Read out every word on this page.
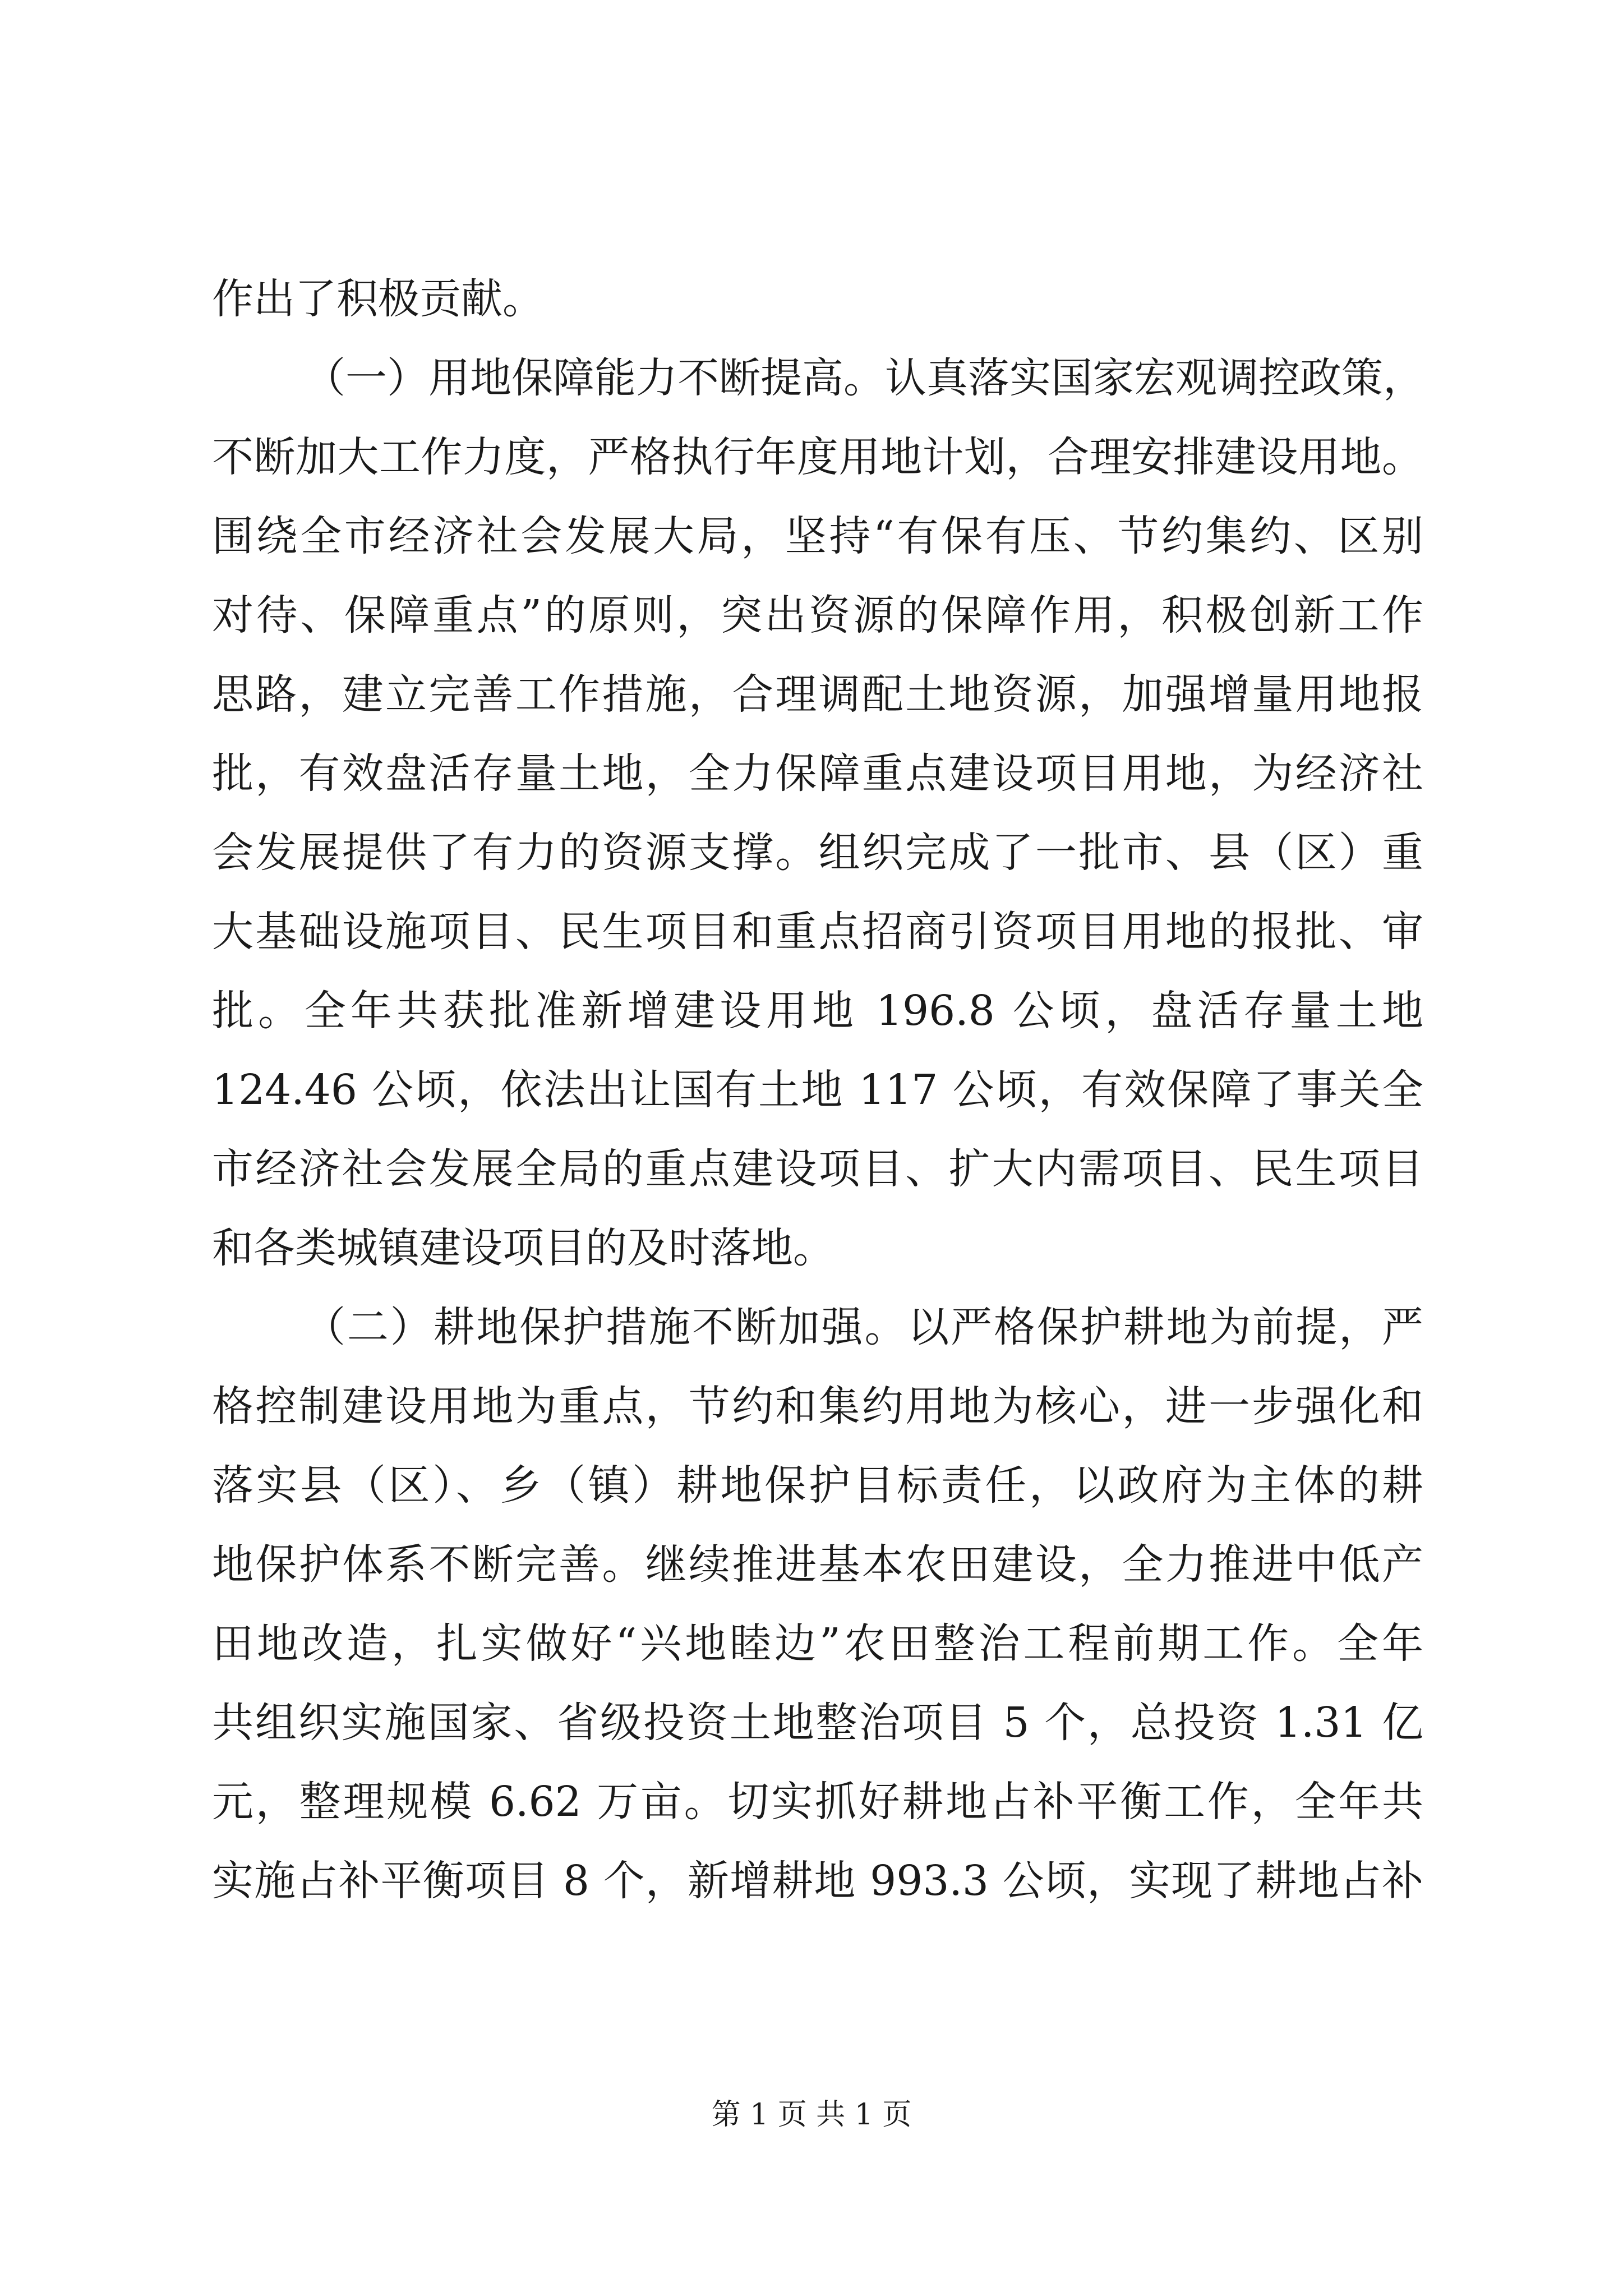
作出了积极贡献。
（一）用地保障能力不断提高。认真落实国家宏观调控政策，
不断加大工作力度，严格执行年度用地计划，合理安排建设用地。
围绕全市经济社会发展大局，坚持“有保有压、节约集约、区别
对待、保障重点”的原则，突出资源的保障作用，积极创新工作
思路，建立完善工作措施，合理调配土地资源，加强增量用地报
批，有效盘活存量土地，全力保障重点建设项目用地，为经济社
会发展提供了有力的资源支撑。组织完成了一批市、县（区）重
大基础设施项目、民生项目和重点招商引资项目用地的报批、审
批。全年共获批准新增建设用地 196.8 公顷，盘活存量土地
124.46 公顷，依法出让国有土地 117 公顷，有效保障了事关全
市经济社会发展全局的重点建设项目、扩大内需项目、民生项目
和各类城镇建设项目的及时落地。
（二）耕地保护措施不断加强。以严格保护耕地为前提，严
格控制建设用地为重点，节约和集约用地为核心，进一步强化和
落实县（区）、乡（镇）耕地保护目标责任，以政府为主体的耕
地保护体系不断完善。继续推进基本农田建设，全力推进中低产
田地改造，扎实做好“兴地睦边”农田整治工程前期工作。全年
共组织实施国家、省级投资土地整治项目 5 个，总投资 1.31 亿
元，整理规模 6.62 万亩。切实抓好耕地占补平衡工作，全年共
实施占补平衡项目 8 个，新增耕地 993.3 公顷，实现了耕地占补
第 1 页 共 1 页
